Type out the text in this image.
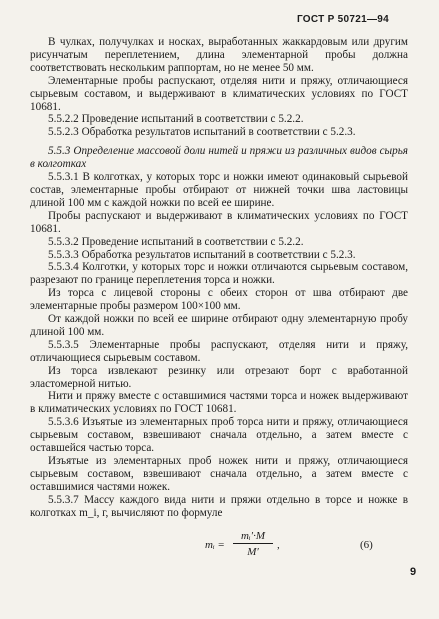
ГОСТ Р 50721—94

В чулках, получулках и носках, выработанных жаккардовым или другим рисунчатым переплетением, длина элементарной пробы должна соответствовать нескольким раппортам, но не менее 50 мм.

Элементарные пробы распускают, отделяя нити и пряжу, отличающиеся сырьевым составом, и выдерживают в климатических условиях по ГОСТ 10681.

5.5.2.2 Проведение испытаний в соответствии с 5.2.2.

5.5.2.3 Обработка результатов испытаний в соответствии с 5.2.3.

5.5.3 Определение массовой доли нитей и пряжи из различных видов сырья в колготках

5.5.3.1 В колготках, у которых торс и ножки имеют одинаковый сырьевой состав, элементарные пробы отбирают от нижней точки шва ластовицы длиной 100 мм с каждой ножки по всей ее ширине.

Пробы распускают и выдерживают в климатических условиях по ГОСТ 10681.

5.5.3.2 Проведение испытаний в соответствии с 5.2.2.

5.5.3.3 Обработка результатов испытаний в соответствии с 5.2.3.

5.5.3.4 Колготки, у которых торс и ножки отличаются сырьевым составом, разрезают по границе переплетения торса и ножки.

Из торса с лицевой стороны с обеих сторон от шва отбирают две элементарные пробы размером 100×100 мм.

От каждой ножки по всей ее ширине отбирают одну элементарную пробу длиной 100 мм.

5.5.3.5 Элементарные пробы распускают, отделяя нити и пряжу, отличающиеся сырьевым составом.

Из торса извлекают резинку или отрезают борт с вработанной эластомерной нитью.

Нити и пряжу вместе с оставшимися частями торса и ножек выдерживают в климатических условиях по ГОСТ 10681.

5.5.3.6 Изъятые из элементарных проб торса нити и пряжу, отличающиеся сырьевым составом, взвешивают сначала отдельно, а затем вместе с оставшейся частью торса.

Изъятые из элементарных проб ножек нити и пряжу, отличающиеся сырьевым составом, взвешивают сначала отдельно, а затем вместе с оставшимися частями ножек.

5.5.3.7 Массу каждого вида нити и пряжи отдельно в торсе и ножке в колготках m_i, г, вычисляют по формуле

mᵢ = $\frac{\text{mᵢ′·M}}{M'}$ ,	(6)
9
